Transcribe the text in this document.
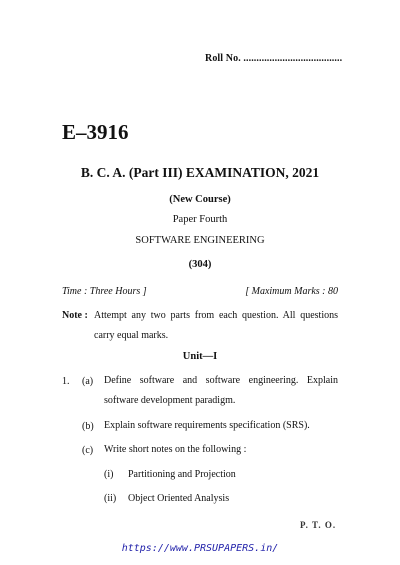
Roll No. ......................................
E–3916
B. C. A. (Part III) EXAMINATION, 2021
(New Course)
Paper Fourth
SOFTWARE ENGINEERING
(304)
Time : Three Hours ]	[ Maximum Marks : 80
Note : Attempt any two parts from each question. All questions carry equal marks.
Unit—I
1. (a) Define software and software engineering. Explain software development paradigm.
(b) Explain software requirements specification (SRS).
(c) Write short notes on the following :
(i) Partitioning and Projection
(ii) Object Oriented Analysis
P. T. O.
https://www.PRSUPAPERS.in/
